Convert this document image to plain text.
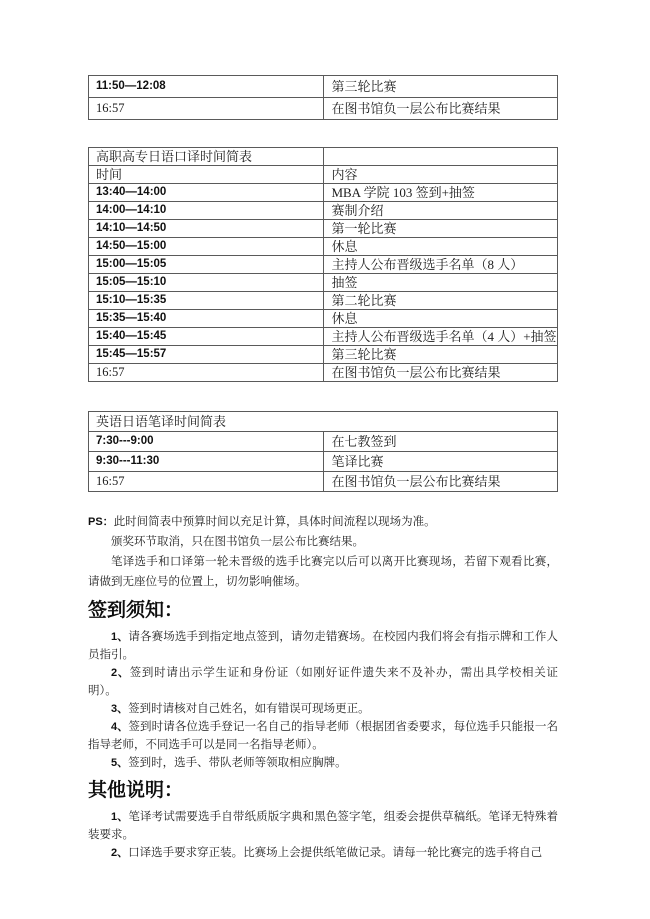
11:50—12:08	第三轮比赛
16:57	在图书馆负一层公布比赛结果
高职高专日语口译时间简表	
时间	内容
13:40—14:00	MBA 学院 103 签到+抽签
14:00—14:10	赛制介绍
14:10—14:50	第一轮比赛
14:50—15:00	休息
15:00—15:05	主持人公布晋级选手名单（8 人）
15:05—15:10	抽签
15:10—15:35	第二轮比赛
15:35—15:40	休息
15:40—15:45	主持人公布晋级选手名单（4 人）+抽签
15:45—15:57	第三轮比赛
16:57	在图书馆负一层公布比赛结果
英语日语笔译时间简表	
7:30---9:00	在七教签到
9:30---11:30	笔译比赛
16:57	在图书馆负一层公布比赛结果

PS：此时间简表中预算时间以充足计算，具体时间流程以现场为准。

颁奖环节取消，只在图书馆负一层公布比赛结果。

笔译选手和口译第一轮未晋级的选手比赛完以后可以离开比赛现场，若留下观看比赛，请做到无座位号的位置上，切勿影响催场。

签到须知：

1、请各赛场选手到指定地点签到，请勿走错赛场。在校园内我们将会有指示牌和工作人员指引。

2、签到时请出示学生证和身份证（如刚好证件遗失来不及补办，需出具学校相关证明）。

3、签到时请核对自己姓名，如有错误可现场更正。

4、签到时请各位选手登记一名自己的指导老师（根据团省委要求，每位选手只能报一名指导老师，不同选手可以是同一名指导老师）。

5、签到时，选手、带队老师等领取相应胸牌。

其他说明：

1、笔译考试需要选手自带纸质版字典和黑色签字笔，组委会提供草稿纸。笔译无特殊着装要求。

2、口译选手要求穿正装。比赛场上会提供纸笔做记录。请每一轮比赛完的选手将自己
